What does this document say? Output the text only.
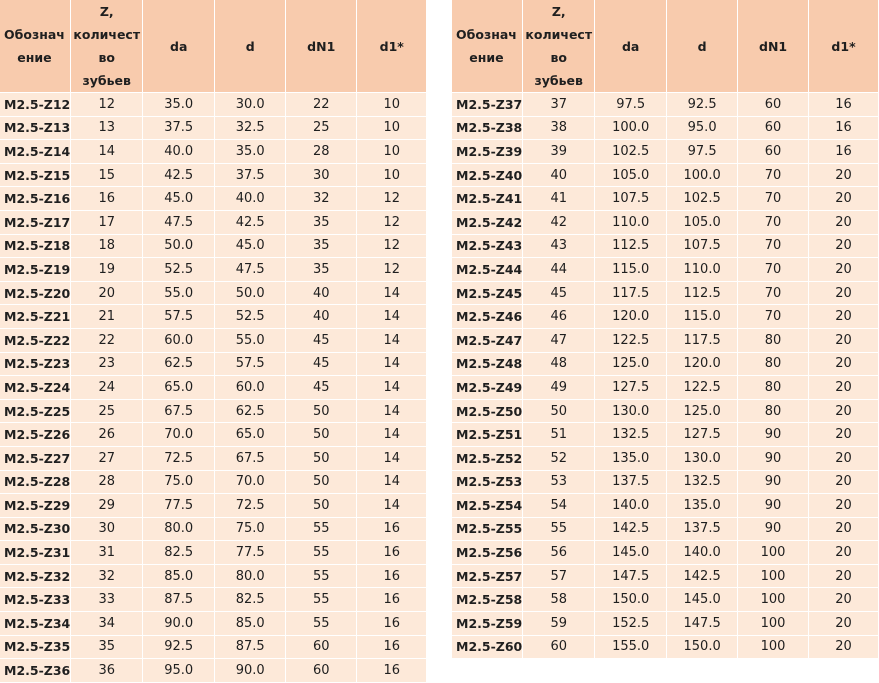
Обознач
ение	Z,
количест
во
зубьев	da	d	dN1	d1*
M2.5-Z12	12	35.0	30.0	22	10
M2.5-Z13	13	37.5	32.5	25	10
M2.5-Z14	14	40.0	35.0	28	10
M2.5-Z15	15	42.5	37.5	30	10
M2.5-Z16	16	45.0	40.0	32	12
M2.5-Z17	17	47.5	42.5	35	12
M2.5-Z18	18	50.0	45.0	35	12
M2.5-Z19	19	52.5	47.5	35	12
M2.5-Z20	20	55.0	50.0	40	14
M2.5-Z21	21	57.5	52.5	40	14
M2.5-Z22	22	60.0	55.0	45	14
M2.5-Z23	23	62.5	57.5	45	14
M2.5-Z24	24	65.0	60.0	45	14
M2.5-Z25	25	67.5	62.5	50	14
M2.5-Z26	26	70.0	65.0	50	14
M2.5-Z27	27	72.5	67.5	50	14
M2.5-Z28	28	75.0	70.0	50	14
M2.5-Z29	29	77.5	72.5	50	14
M2.5-Z30	30	80.0	75.0	55	16
M2.5-Z31	31	82.5	77.5	55	16
M2.5-Z32	32	85.0	80.0	55	16
M2.5-Z33	33	87.5	82.5	55	16
M2.5-Z34	34	90.0	85.0	55	16
M2.5-Z35	35	92.5	87.5	60	16
M2.5-Z36	36	95.0	90.0	60	16
Обознач
ение	Z,
количест
во
зубьев	da	d	dN1	d1*
M2.5-Z37	37	97.5	92.5	60	16
M2.5-Z38	38	100.0	95.0	60	16
M2.5-Z39	39	102.5	97.5	60	16
M2.5-Z40	40	105.0	100.0	70	20
M2.5-Z41	41	107.5	102.5	70	20
M2.5-Z42	42	110.0	105.0	70	20
M2.5-Z43	43	112.5	107.5	70	20
M2.5-Z44	44	115.0	110.0	70	20
M2.5-Z45	45	117.5	112.5	70	20
M2.5-Z46	46	120.0	115.0	70	20
M2.5-Z47	47	122.5	117.5	80	20
M2.5-Z48	48	125.0	120.0	80	20
M2.5-Z49	49	127.5	122.5	80	20
M2.5-Z50	50	130.0	125.0	80	20
M2.5-Z51	51	132.5	127.5	90	20
M2.5-Z52	52	135.0	130.0	90	20
M2.5-Z53	53	137.5	132.5	90	20
M2.5-Z54	54	140.0	135.0	90	20
M2.5-Z55	55	142.5	137.5	90	20
M2.5-Z56	56	145.0	140.0	100	20
M2.5-Z57	57	147.5	142.5	100	20
M2.5-Z58	58	150.0	145.0	100	20
M2.5-Z59	59	152.5	147.5	100	20
M2.5-Z60	60	155.0	150.0	100	20
